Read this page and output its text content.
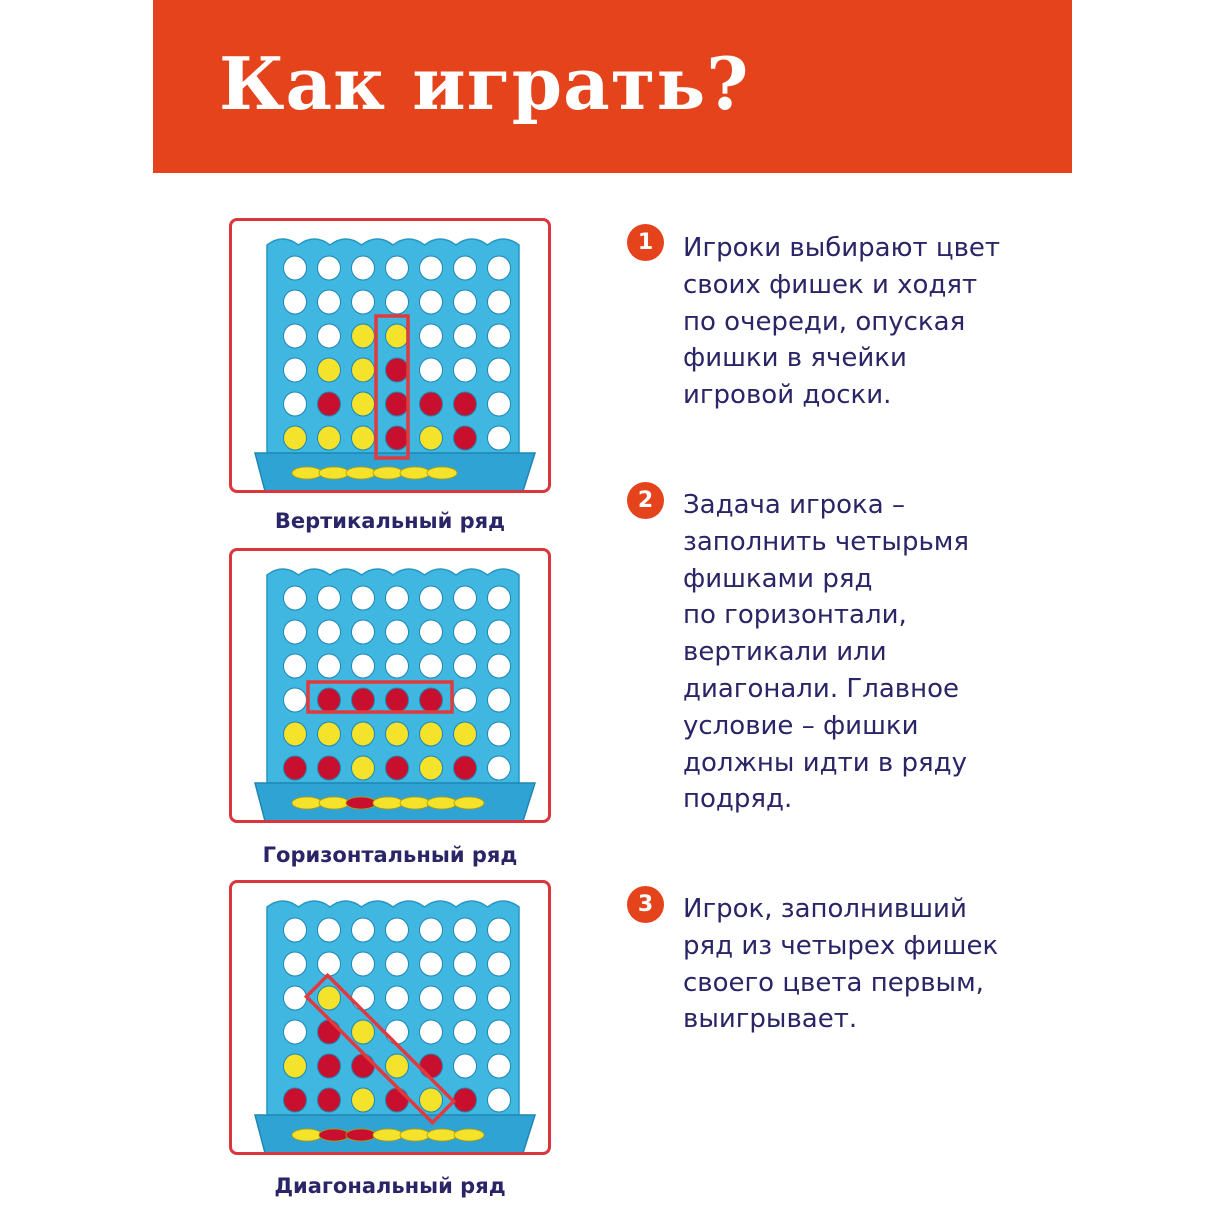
Как играть?
Вертикальный ряд
Горизонтальный ряд
Диагональный ряд
1	Игроки выбирают цвет
своих фишек и ходят
по очереди, опуская
фишки в ячейки
игровой доски.

2	Задача игрока –
заполнить четырьмя
фишками ряд
по горизонтали,
вертикали или
диагонали. Главное
условие – фишки
должны идти в ряду
подряд.

3	Игрок, заполнивший
ряд из четырех фишек
своего цвета первым,
выигрывает.
